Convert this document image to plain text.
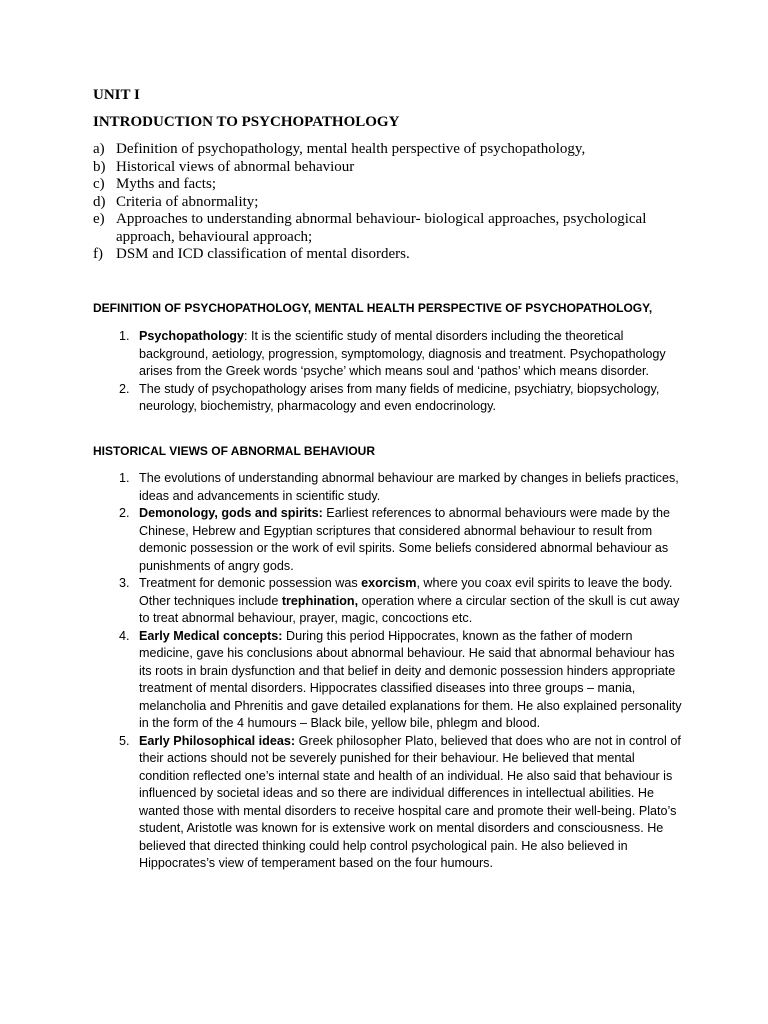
UNIT I
INTRODUCTION TO PSYCHOPATHOLOGY
a) Definition of psychopathology, mental health perspective of psychopathology,
b) Historical views of abnormal behaviour
c) Myths and facts;
d) Criteria of abnormality;
e) Approaches to understanding abnormal behaviour- biological approaches, psychological approach, behavioural approach;
f) DSM and ICD classification of mental disorders.
DEFINITION OF PSYCHOPATHOLOGY, MENTAL HEALTH PERSPECTIVE OF PSYCHOPATHOLOGY,
1. Psychopathology: It is the scientific study of mental disorders including the theoretical background, aetiology, progression, symptomology, diagnosis and treatment. Psychopathology arises from the Greek words ‘psyche’ which means soul and ‘pathos’ which means disorder.
2. The study of psychopathology arises from many fields of medicine, psychiatry, biopsychology, neurology, biochemistry, pharmacology and even endocrinology.
HISTORICAL VIEWS OF ABNORMAL BEHAVIOUR
1. The evolutions of understanding abnormal behaviour are marked by changes in beliefs practices, ideas and advancements in scientific study.
2. Demonology, gods and spirits: Earliest references to abnormal behaviours were made by the Chinese, Hebrew and Egyptian scriptures that considered abnormal behaviour to result from demonic possession or the work of evil spirits. Some beliefs considered abnormal behaviour as punishments of angry gods.
3. Treatment for demonic possession was exorcism, where you coax evil spirits to leave the body. Other techniques include trephination, operation where a circular section of the skull is cut away to treat abnormal behaviour, prayer, magic, concoctions etc.
4. Early Medical concepts: During this period Hippocrates, known as the father of modern medicine, gave his conclusions about abnormal behaviour. He said that abnormal behaviour has its roots in brain dysfunction and that belief in deity and demonic possession hinders appropriate treatment of mental disorders. Hippocrates classified diseases into three groups – mania, melancholia and Phrenitis and gave detailed explanations for them. He also explained personality in the form of the 4 humours – Black bile, yellow bile, phlegm and blood.
5. Early Philosophical ideas: Greek philosopher Plato, believed that does who are not in control of their actions should not be severely punished for their behaviour. He believed that mental condition reflected one’s internal state and health of an individual. He also said that behaviour is influenced by societal ideas and so there are individual differences in intellectual abilities. He wanted those with mental disorders to receive hospital care and promote their well-being. Plato’s student, Aristotle was known for is extensive work on mental disorders and consciousness. He believed that directed thinking could help control psychological pain. He also believed in Hippocrates’s view of temperament based on the four humours.
